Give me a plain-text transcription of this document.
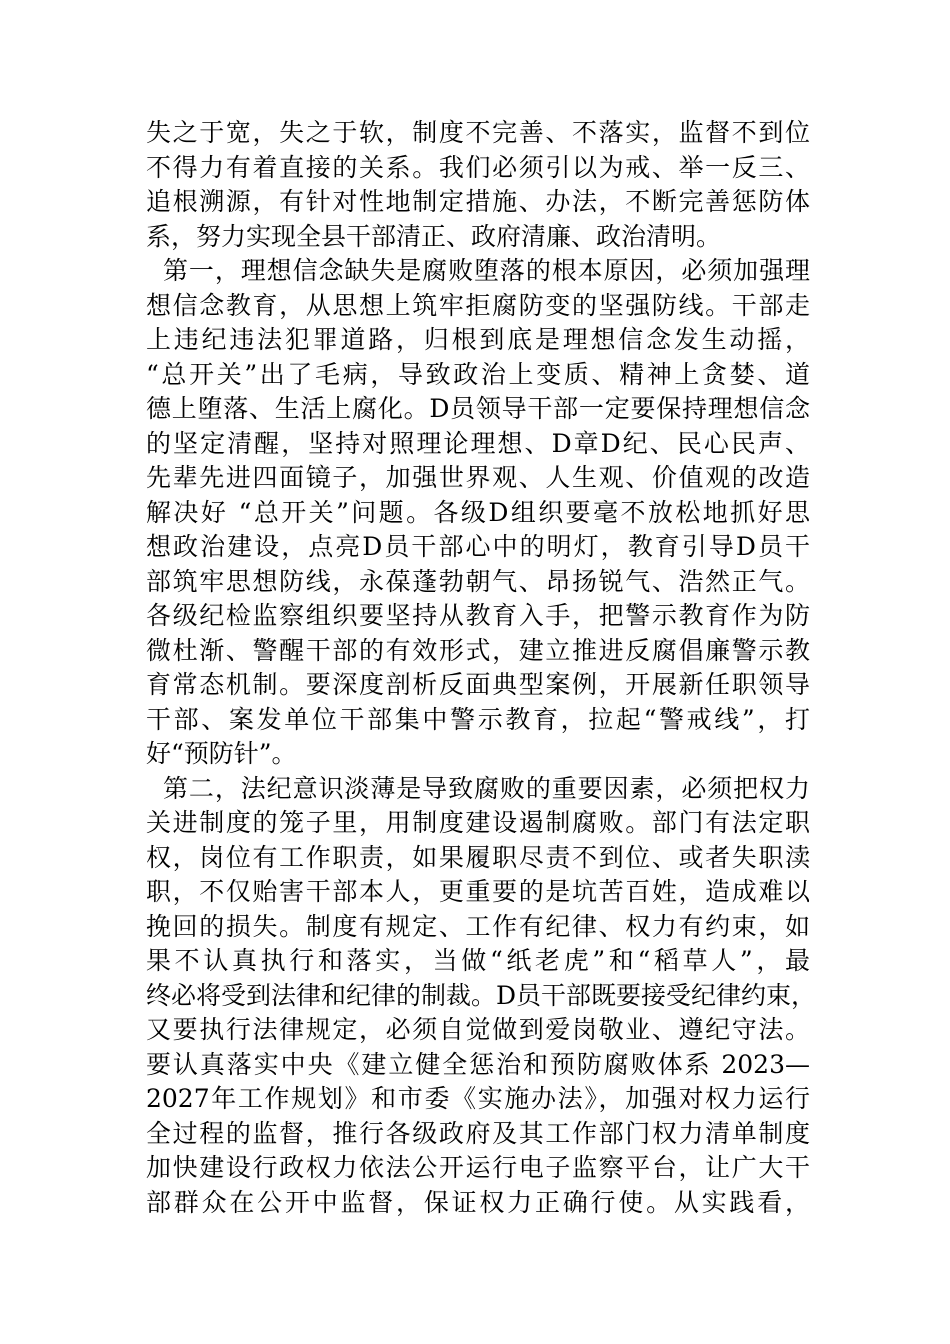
失之于宽，失之于软，制度不完善、不落实，监督不到位
不得力有着直接的关系。我们必须引以为戒、举一反三、
追根溯源，有针对性地制定措施、办法，不断完善惩防体
系，努力实现全县干部清正、政府清廉、政治清明。
第一，理想信念缺失是腐败堕落的根本原因，必须加强理
想信念教育，从思想上筑牢拒腐防变的坚强防线。干部走
上违纪违法犯罪道路，归根到底是理想信念发生动摇，
“总开关”出了毛病，导致政治上变质、精神上贪婪、道
德上堕落、生活上腐化。D员领导干部一定要保持理想信念
的坚定清醒，坚持对照理论理想、D章D纪、民心民声、
先辈先进四面镜子，加强世界观、人生观、价值观的改造
解决好 “总开关”问题。各级D组织要毫不放松地抓好思
想政治建设，点亮D员干部心中的明灯，教育引导D员干
部筑牢思想防线，永葆蓬勃朝气、昂扬锐气、浩然正气。
各级纪检监察组织要坚持从教育入手，把警示教育作为防
微杜渐、警醒干部的有效形式，建立推进反腐倡廉警示教
育常态机制。要深度剖析反面典型案例，开展新任职领导
干部、案发单位干部集中警示教育，拉起“警戒线”，打
好“预防针”。
第二，法纪意识淡薄是导致腐败的重要因素，必须把权力
关进制度的笼子里，用制度建设遏制腐败。部门有法定职
权，岗位有工作职责，如果履职尽责不到位、或者失职渎
职，不仅贻害干部本人，更重要的是坑苦百姓，造成难以
挽回的损失。制度有规定、工作有纪律、权力有约束，如
果不认真执行和落实，当做“纸老虎”和“稻草人”，最
终必将受到法律和纪律的制裁。D员干部既要接受纪律约束，
又要执行法律规定，必须自觉做到爱岗敬业、遵纪守法。
要认真落实中央《建立健全惩治和预防腐败体系 2023—
2027年工作规划》和市委《实施办法》，加强对权力运行
全过程的监督，推行各级政府及其工作部门权力清单制度
加快建设行政权力依法公开运行电子监察平台，让广大干
部群众在公开中监督，保证权力正确行使。从实践看，
